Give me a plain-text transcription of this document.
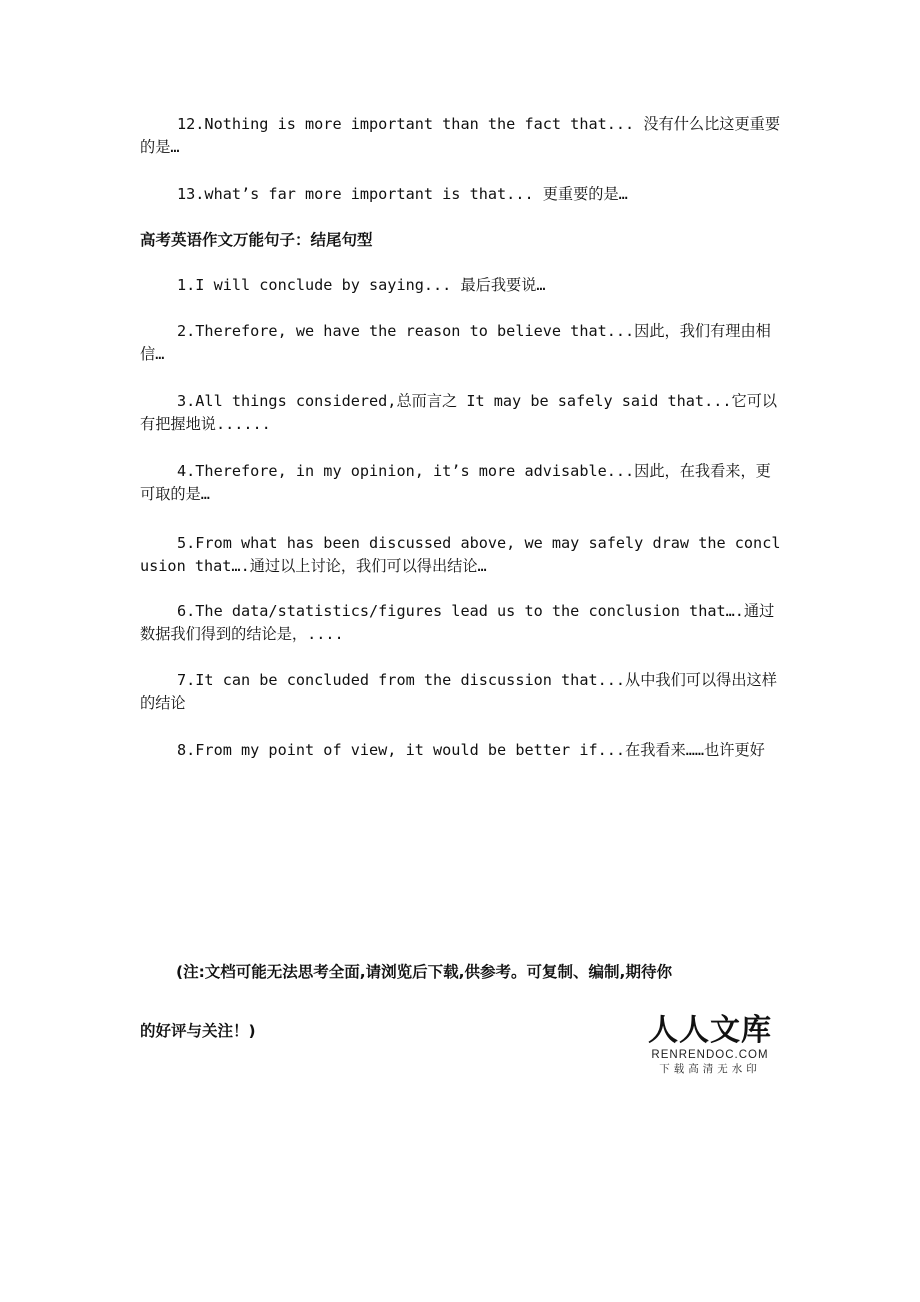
12.Nothing is more important than the fact that... 没有什么比这更重要的是…

13.what’s far more important is that... 更重要的是…

高考英语作文万能句子：结尾句型

1.I will conclude by saying... 最后我要说…

2.Therefore, we have the reason to believe that...因此，我们有理由相信…

3.All things considered,总而言之 It may be safely said that...它可以有把握地说......

4.Therefore, in my opinion, it’s more advisable...因此，在我看来，更可取的是…

5.From what has been discussed above, we may safely draw the conclusion that….通过以上讨论，我们可以得出结论…

6.The data/statistics/figures lead us to the conclusion that….通过数据我们得到的结论是，....

7.It can be concluded from the discussion that...从中我们可以得出这样的结论

8.From my point of view, it would be better if...在我看来……也许更好

(注:文档可能无法思考全面,请浏览后下载,供参考。可复制、编制,期待你
的好评与关注！)	人人文库
RENRENDOC.COM
下载高清无水印
